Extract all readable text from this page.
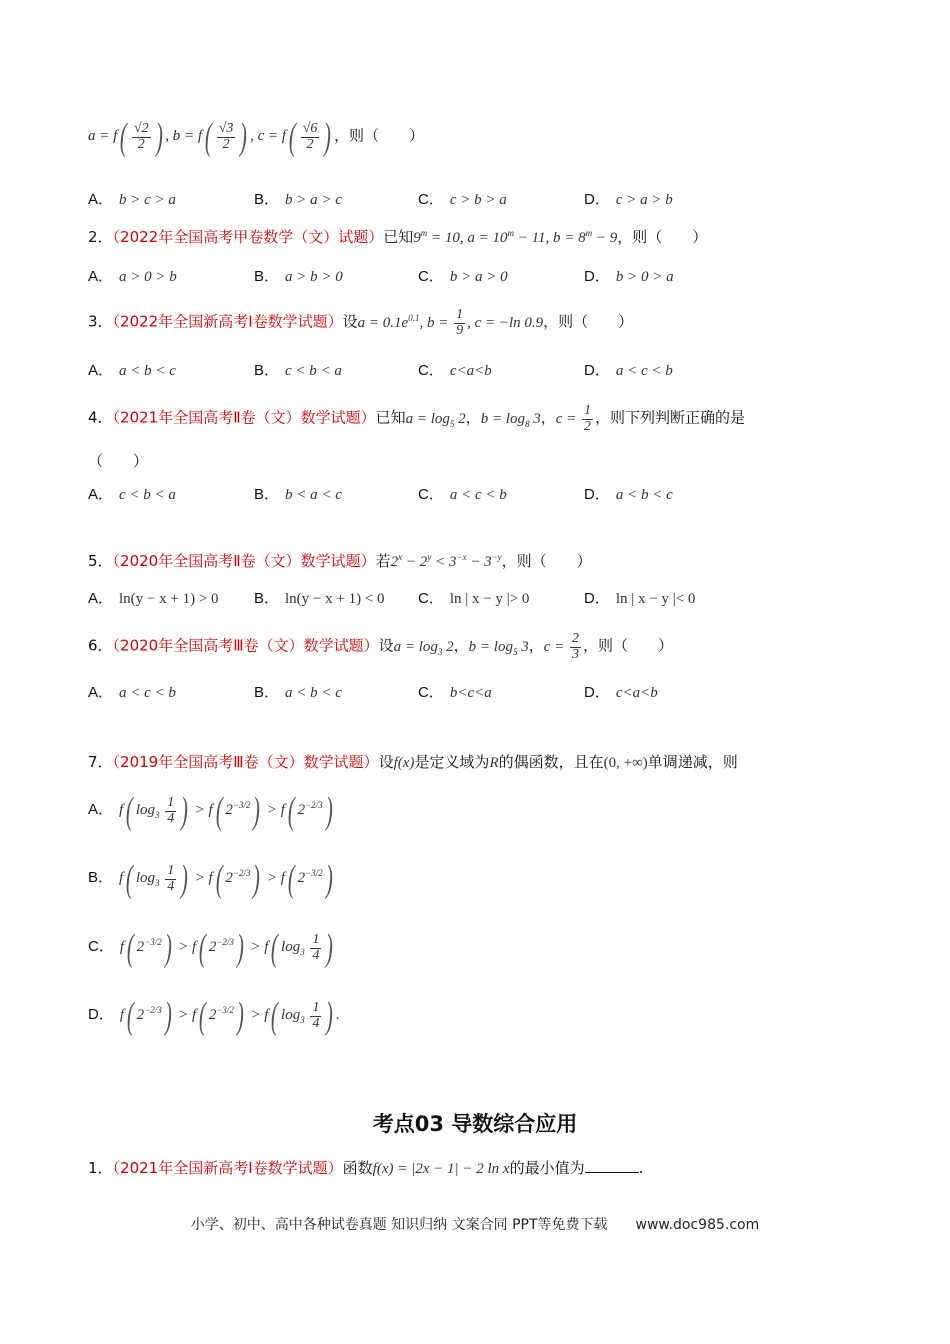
$a = f( \frac{√2}{2}$ ) , $b = f( \frac{√3}{2}$ ) , $c = f( \frac{√6}{2}$ ) ，则（　　）
A． b > c > a	B． b > a > c	C． c > b > a	D． c > a > b
2．（2022年全国高考甲卷数学（文）试题）已知$9^m = 10$, $a = 10^m - 11$, $b = 8^m - 9$，则（　　）
A． a > 0 > b	B． a > b > 0	C． b > a > 0	D． b > 0 > a
3．（2022年全国新高考Ⅰ卷数学试题）设$a = 0.1e^{0.1}$, $b = \frac{1}{9}$ , c = −ln 0.9，则（　　）
A． a < b < c	B． c < b < a	C． c<a<b	D． a < c < b
4．（2021年全国高考Ⅱ卷（文）数学试题）已知$a = \log_5 2$，$b = \log_8 3$，$c = \frac{1}{2}$ ，则下列判断正确的是
（　　）
A． c < b < a	B． b < a < c	C． a < c < b	D． a < b < c
5．（2020年全国高考Ⅱ卷（文）数学试题）若$2^x - 2^y < 3^{-x} - 3^{-y}$，则（　　）
A． ln(y − x + 1) > 0 B． ln(y − x + 1) < 0 C． ln | x − y |> 0	D． ln | x − y |< 0
6．（2020年全国高考Ⅲ卷（文）数学试题）设$a = \log_3 2$，$b = \log_5 3$，$c = \frac{2}{3}$ ，则（　　）
A． a < c < b	B． a < b < c	C． b<c<a	D． c<a<b
7．（2019年全国高考Ⅲ卷（文）数学试题）设f(x)是定义域为R的偶函数，且在(0, +∞)单调递减，则
A． f( $\log_3 \frac{1}{4}$ ) > f( $2^{-3/2}) > f$( $2^{-2/3}$)
B． f( $\log_3 \frac{1}{4}$ ) > f( $2^{-2/3}) > f$( $2^{-3/2}$)
C． f( $2^{-3/2}) > f$( $2^{-2/3}) > f$( $\log_3 \frac{1}{4}$ )
D． f( $2^{-2/3}) > f$( $2^{-3/2}) > f$( $\log_3 \frac{1}{4}$ ) .
考点03 导数综合应用
1．（2021年全国新高考Ⅰ卷数学试题）函数f(x) = |2x − 1| − 2 ln x的最小值为	.
小学、初中、高中各种试卷真题 知识归纳 文案合同 PPT等免费下载　　www.doc985.com
